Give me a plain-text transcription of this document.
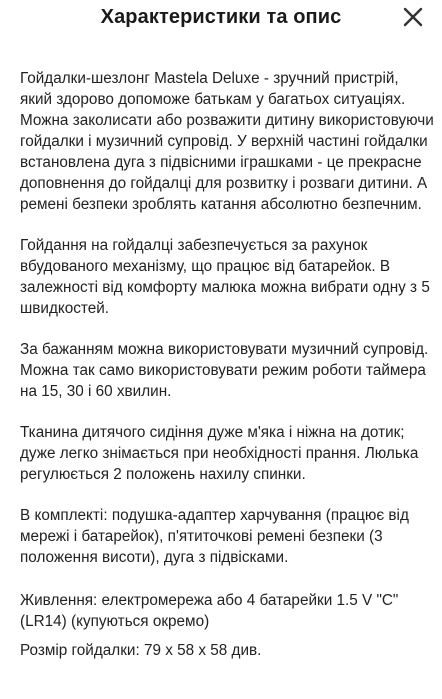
Характеристики та опис

Гойдалки-шезлонг Mastela Deluxe - зручний пристрій, який здорово допоможе батькам у багатьох ситуаціях. Можна заколисати або розважити дитину використовуючи гойдалки і музичний супровід. У верхній частині гойдалки встановлена дуга з підвісними іграшками - це прекрасне доповнення до гойдалці для розвитку і розваги дитини. А ремені безпеки зроблять катання абсолютно безпечним.

Гойдання на гойдалці забезпечується за рахунок вбудованого механізму, що працює від батарейок. В залежності від комфорту малюка можна вибрати одну з 5 швидкостей.

За бажанням можна використовувати музичний супровід. Можна так само використовувати режим роботи таймера на 15, 30 і 60 хвилин.

Тканина дитячого сидіння дуже м'яка і ніжна на дотик; дуже легко знімається при необхідності прання. Люлька регулюється 2 положень нахилу спинки.

В комплекті: подушка-адаптер харчування (працює від мережі і батарейок), п'ятиточкові ремені безпеки (3 положення висоти), дуга з підвісками.

Живлення: електромережа або 4 батарейки 1.5 V "C" (LR14) (купуються окремо)

Розмір гойдалки: 79 х 58 х 58 див.
